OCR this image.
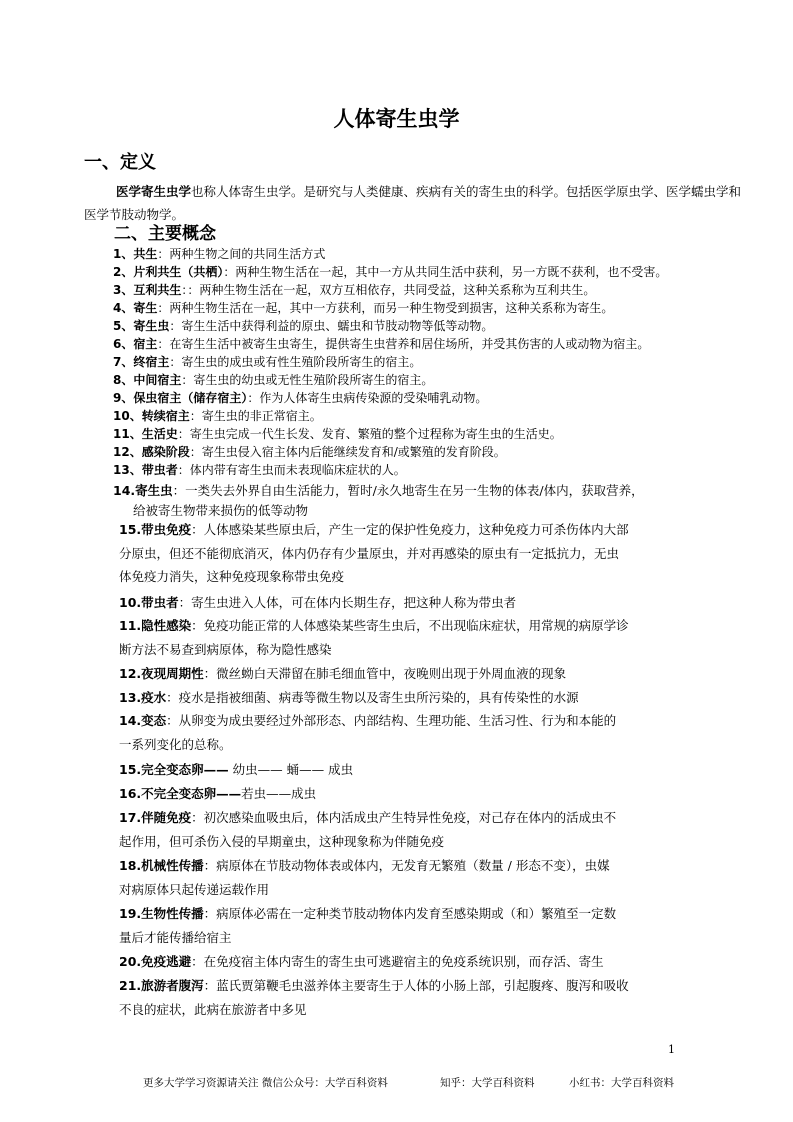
人体寄生虫学
一、定义
医学寄生虫学也称人体寄生虫学。是研究与人类健康、疾病有关的寄生虫的科学。包括医学原虫学、医学蠕虫学和医学节肢动物学。
二、主要概念
1、共生：两种生物之间的共同生活方式
2、片利共生（共栖）：两种生物生活在一起，其中一方从共同生活中获利，另一方既不获利，也不受害。
3、互利共生：：两种生物生活在一起，双方互相依存，共同受益，这种关系称为互利共生。
4、寄生：两种生物生活在一起，其中一方获利，而另一种生物受到损害，这种关系称为寄生。
5、寄生虫：寄生生活中获得利益的原虫、蠕虫和节肢动物等低等动物。
6、宿主：在寄生生活中被寄生虫寄生，提供寄生虫营养和居住场所，并受其伤害的人或动物为宿主。
7、终宿主：寄生虫的成虫或有性生殖阶段所寄生的宿主。
8、中间宿主：寄生虫的幼虫或无性生殖阶段所寄生的宿主。
9、保虫宿主（储存宿主）：作为人体寄生虫病传染源的受染哺乳动物。
10、转续宿主：寄生虫的非正常宿主。
11、生活史：寄生虫完成一代生长发、发育、繁殖的整个过程称为寄生虫的生活史。
12、感染阶段：寄生虫侵入宿主体内后能继续发育和/或繁殖的发育阶段。
13、带虫者：体内带有寄生虫而未表现临床症状的人。
14.寄生虫：一类失去外界自由生活能力，暂时/永久地寄生在另一生物的体表/体内，获取营养，
给被寄生物带来损伤的低等动物
15.带虫免疫：人体感染某些原虫后，产生一定的保护性免疫力，这种免疫力可杀伤体内大部
分原虫，但还不能彻底消灭，体内仍存有少量原虫，并对再感染的原虫有一定抵抗力，无虫
体免疫力消失，这种免疫现象称带虫免疫
10.带虫者：寄生虫进入人体，可在体内长期生存，把这种人称为带虫者
11.隐性感染：免疫功能正常的人体感染某些寄生虫后，不出现临床症状，用常规的病原学诊
断方法不易查到病原体，称为隐性感染
12.夜现周期性：微丝蚴白天滞留在肺毛细血管中，夜晚则出现于外周血液的现象
13.疫水：疫水是指被细菌、病毒等微生物以及寄生虫所污染的，具有传染性的水源
14.变态：从卵变为成虫要经过外部形态、内部结构、生理功能、生活习性、行为和本能的
一系列变化的总称。
15.完全变态卵—— 幼虫—— 蛹—— 成虫
16.不完全变态卵——若虫——成虫
17.伴随免疫：初次感染血吸虫后，体内活成虫产生特异性免疫，对己存在体内的活成虫不
起作用，但可杀伤入侵的早期童虫，这种现象称为伴随免疫
18.机械性传播：病原体在节肢动物体表或体内，无发育无繁殖（数量 / 形态不变），虫媒
对病原体只起传递运载作用
19.生物性传播：病原体必需在一定种类节肢动物体内发育至感染期或（和）繁殖至一定数
量后才能传播给宿主
20.免疫逃避：在免疫宿主体内寄生的寄生虫可逃避宿主的免疫系统识别，而存活、寄生
21.旅游者腹泻：蓝氏贾第鞭毛虫滋养体主要寄生于人体的小肠上部，引起腹疼、腹泻和吸收
不良的症状，此病在旅游者中多见
1
更多大学学习资源请关注 微信公众号：大学百科资料	知乎：大学百科资料	小红书：大学百科资料
